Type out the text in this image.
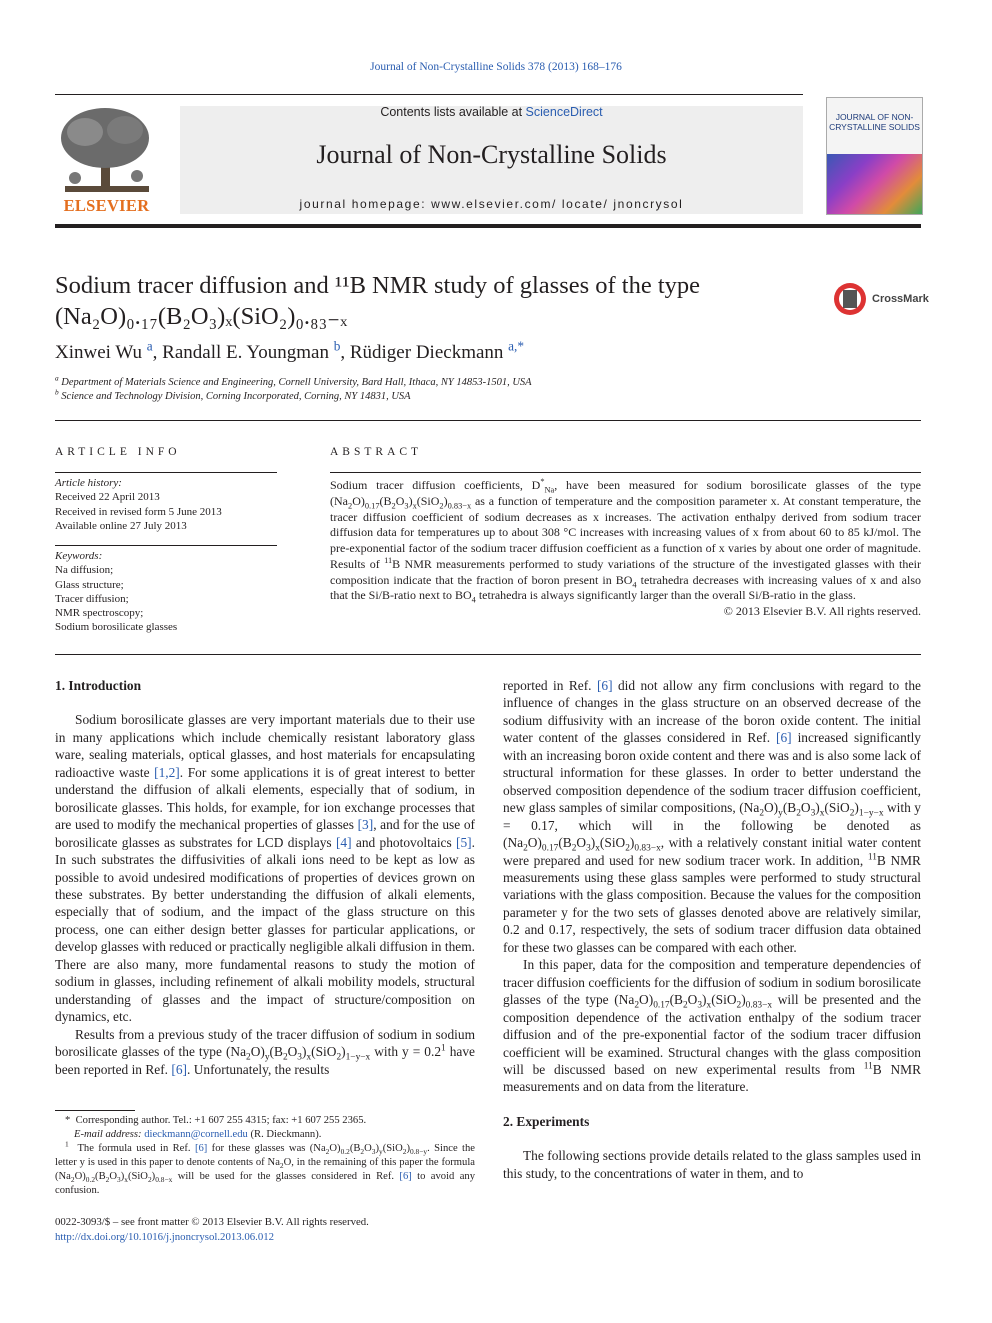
Journal of Non-Crystalline Solids 378 (2013) 168–176
ELSEVIER
Contents lists available at ScienceDirect
Journal of Non-Crystalline Solids
journal homepage: www.elsevier.com/ locate/ jnoncrysol
JOURNAL OF NON-CRYSTALLINE SOLIDS
Sodium tracer diffusion and ¹¹B NMR study of glasses of the type
(Na₂O)₀.₁₇(B₂O₃)ₓ(SiO₂)₀.₈₃₋ₓ
CrossMark
Xinwei Wu $^a$, Randall E. Youngman $^b$, Rüdiger Dieckmann $^{a,*}$
$^a$ Department of Materials Science and Engineering, Cornell University, Bard Hall, Ithaca, NY 14853-1501, USA
$^b$ Science and Technology Division, Corning Incorporated, Corning, NY 14831, USA
ARTICLE INFO
Article history:
Received 22 April 2013
Received in revised form 5 June 2013
Available online 27 July 2013
Keywords:
Na diffusion;
Glass structure;
Tracer diffusion;
NMR spectroscopy;
Sodium borosilicate glasses
ABSTRACT
Sodium tracer diffusion coefficients, $D^*_{Na}$, have been measured for sodium borosilicate glasses of the type $(Na_2O)_{0.17}(B_2O_3)_x(SiO_2)_{0.83-x}$ as a function of temperature and the composition parameter x. At constant temperature, the tracer diffusion coefficient of sodium decreases as x increases. The activation enthalpy derived from sodium tracer diffusion data for temperatures up to about 308 °C increases with increasing values of x from about 60 to 85 kJ/mol. The pre-exponential factor of the sodium tracer diffusion coefficient as a function of x varies by about one order of magnitude. Results of $^{11}$B NMR measurements performed to study variations of the structure of the investigated glasses with their composition indicate that the fraction of boron present in $BO_4$ tetrahedra decreases with increasing values of x and also that the Si/B-ratio next to $BO_4$ tetrahedra is always significantly larger than the overall Si/B-ratio in the glass.
© 2013 Elsevier B.V. All rights reserved.

1. Introduction

Sodium borosilicate glasses are very important materials due to their use in many applications which include chemically resistant laboratory glass ware, sealing materials, optical glasses, and host materials for encapsulating radioactive waste [1,2]. For some applications it is of great interest to better understand the diffusion of alkali elements, especially that of sodium, in borosilicate glasses. This holds, for example, for ion exchange processes that are used to modify the mechanical properties of glasses [3], and for the use of borosilicate glasses as substrates for LCD displays [4] and photovoltaics [5]. In such substrates the diffusivities of alkali ions need to be kept as low as possible to avoid undesired modifications of properties of devices grown on these substrates. By better understanding the diffusion of alkali elements, especially that of sodium, and the impact of the glass structure on this process, one can either design better glasses for particular applications, or develop glasses with reduced or practically negligible alkali diffusion in them. There are also many, more fundamental reasons to study the motion of sodium in glasses, including refinement of alkali mobility models, structural understanding of glasses and the impact of structure/composition on dynamics, etc.

Results from a previous study of the tracer diffusion of sodium in sodium borosilicate glasses of the type $(Na_2O)_y(B_2O_3)_x(SiO_2)_{1-y-x}$ with $y = 0.2^1$ have been reported in Ref. [6]. Unfortunately, the results

* Corresponding author. Tel.: +1 607 255 4315; fax: +1 607 255 2365.
E-mail address: dieckmann@cornell.edu (R. Dieckmann).
$^1$  The formula used in Ref. [6] for these glasses was $(Na_2O)_{0.2}(B_2O_3)_y(SiO_2)_{0.8-y}$. Since the letter y is used in this paper to denote contents of $Na_2O$, in the remaining of this paper the formula $(Na_2O)_{0.2}(B_2O_3)_x(SiO_2)_{0.8-x}$ will be used for the glasses considered in Ref. [6] to avoid any confusion.
0022-3093/$ – see front matter © 2013 Elsevier B.V. All rights reserved.
http://dx.doi.org/10.1016/j.jnoncrysol.2013.06.012

reported in Ref. [6] did not allow any firm conclusions with regard to the influence of changes in the glass structure on an observed decrease of the sodium diffusivity with an increase of the boron oxide content. The initial water content of the glasses considered in Ref. [6] increased significantly with an increasing boron oxide content and there was and is also some lack of structural information for these glasses. In order to better understand the observed composition dependence of the sodium tracer diffusion coefficient, new glass samples of similar compositions, $(Na_2O)_y(B_2O_3)_x(SiO_2)_{1-y-x}$ with y = 0.17, which will in the following be denoted as $(Na_2O)_{0.17}(B_2O_3)_x(SiO_2)_{0.83-x}$, with a relatively constant initial water content were prepared and used for new sodium tracer work. In addition, $^{11}$B NMR measurements using these glass samples were performed to study structural variations with the glass composition. Because the values for the composition parameter y for the two sets of glasses denoted above are relatively similar, 0.2 and 0.17, respectively, the sets of sodium tracer diffusion data obtained for these two glasses can be compared with each other.

In this paper, data for the composition and temperature dependencies of tracer diffusion coefficients for the diffusion of sodium in sodium borosilicate glasses of the type $(Na_2O)_{0.17}(B_2O_3)_x(SiO_2)_{0.83-x}$ will be presented and the composition dependence of the activation enthalpy of the sodium tracer diffusion and of the pre-exponential factor of the sodium tracer diffusion coefficient will be examined. Structural changes with the glass composition will be discussed based on new experimental results from $^{11}$B NMR measurements and on data from the literature.

2. Experiments

The following sections provide details related to the glass samples used in this study, to the concentrations of water in them, and to
